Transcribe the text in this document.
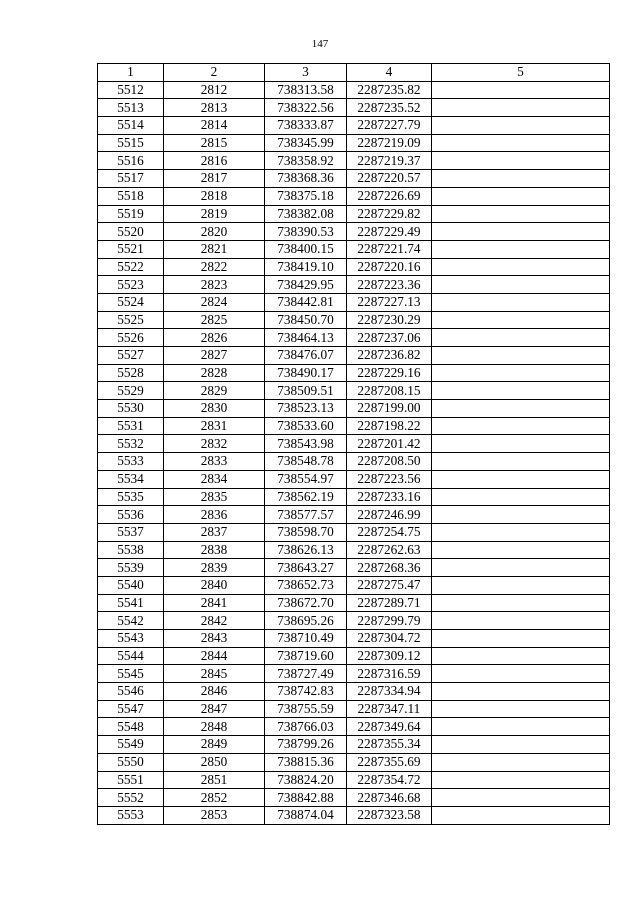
147
1	2	3	4	5
5512	2812	738313.58	2287235.82	
5513	2813	738322.56	2287235.52	
5514	2814	738333.87	2287227.79	
5515	2815	738345.99	2287219.09	
5516	2816	738358.92	2287219.37	
5517	2817	738368.36	2287220.57	
5518	2818	738375.18	2287226.69	
5519	2819	738382.08	2287229.82	
5520	2820	738390.53	2287229.49	
5521	2821	738400.15	2287221.74	
5522	2822	738419.10	2287220.16	
5523	2823	738429.95	2287223.36	
5524	2824	738442.81	2287227.13	
5525	2825	738450.70	2287230.29	
5526	2826	738464.13	2287237.06	
5527	2827	738476.07	2287236.82	
5528	2828	738490.17	2287229.16	
5529	2829	738509.51	2287208.15	
5530	2830	738523.13	2287199.00	
5531	2831	738533.60	2287198.22	
5532	2832	738543.98	2287201.42	
5533	2833	738548.78	2287208.50	
5534	2834	738554.97	2287223.56	
5535	2835	738562.19	2287233.16	
5536	2836	738577.57	2287246.99	
5537	2837	738598.70	2287254.75	
5538	2838	738626.13	2287262.63	
5539	2839	738643.27	2287268.36	
5540	2840	738652.73	2287275.47	
5541	2841	738672.70	2287289.71	
5542	2842	738695.26	2287299.79	
5543	2843	738710.49	2287304.72	
5544	2844	738719.60	2287309.12	
5545	2845	738727.49	2287316.59	
5546	2846	738742.83	2287334.94	
5547	2847	738755.59	2287347.11	
5548	2848	738766.03	2287349.64	
5549	2849	738799.26	2287355.34	
5550	2850	738815.36	2287355.69	
5551	2851	738824.20	2287354.72	
5552	2852	738842.88	2287346.68	
5553	2853	738874.04	2287323.58	
